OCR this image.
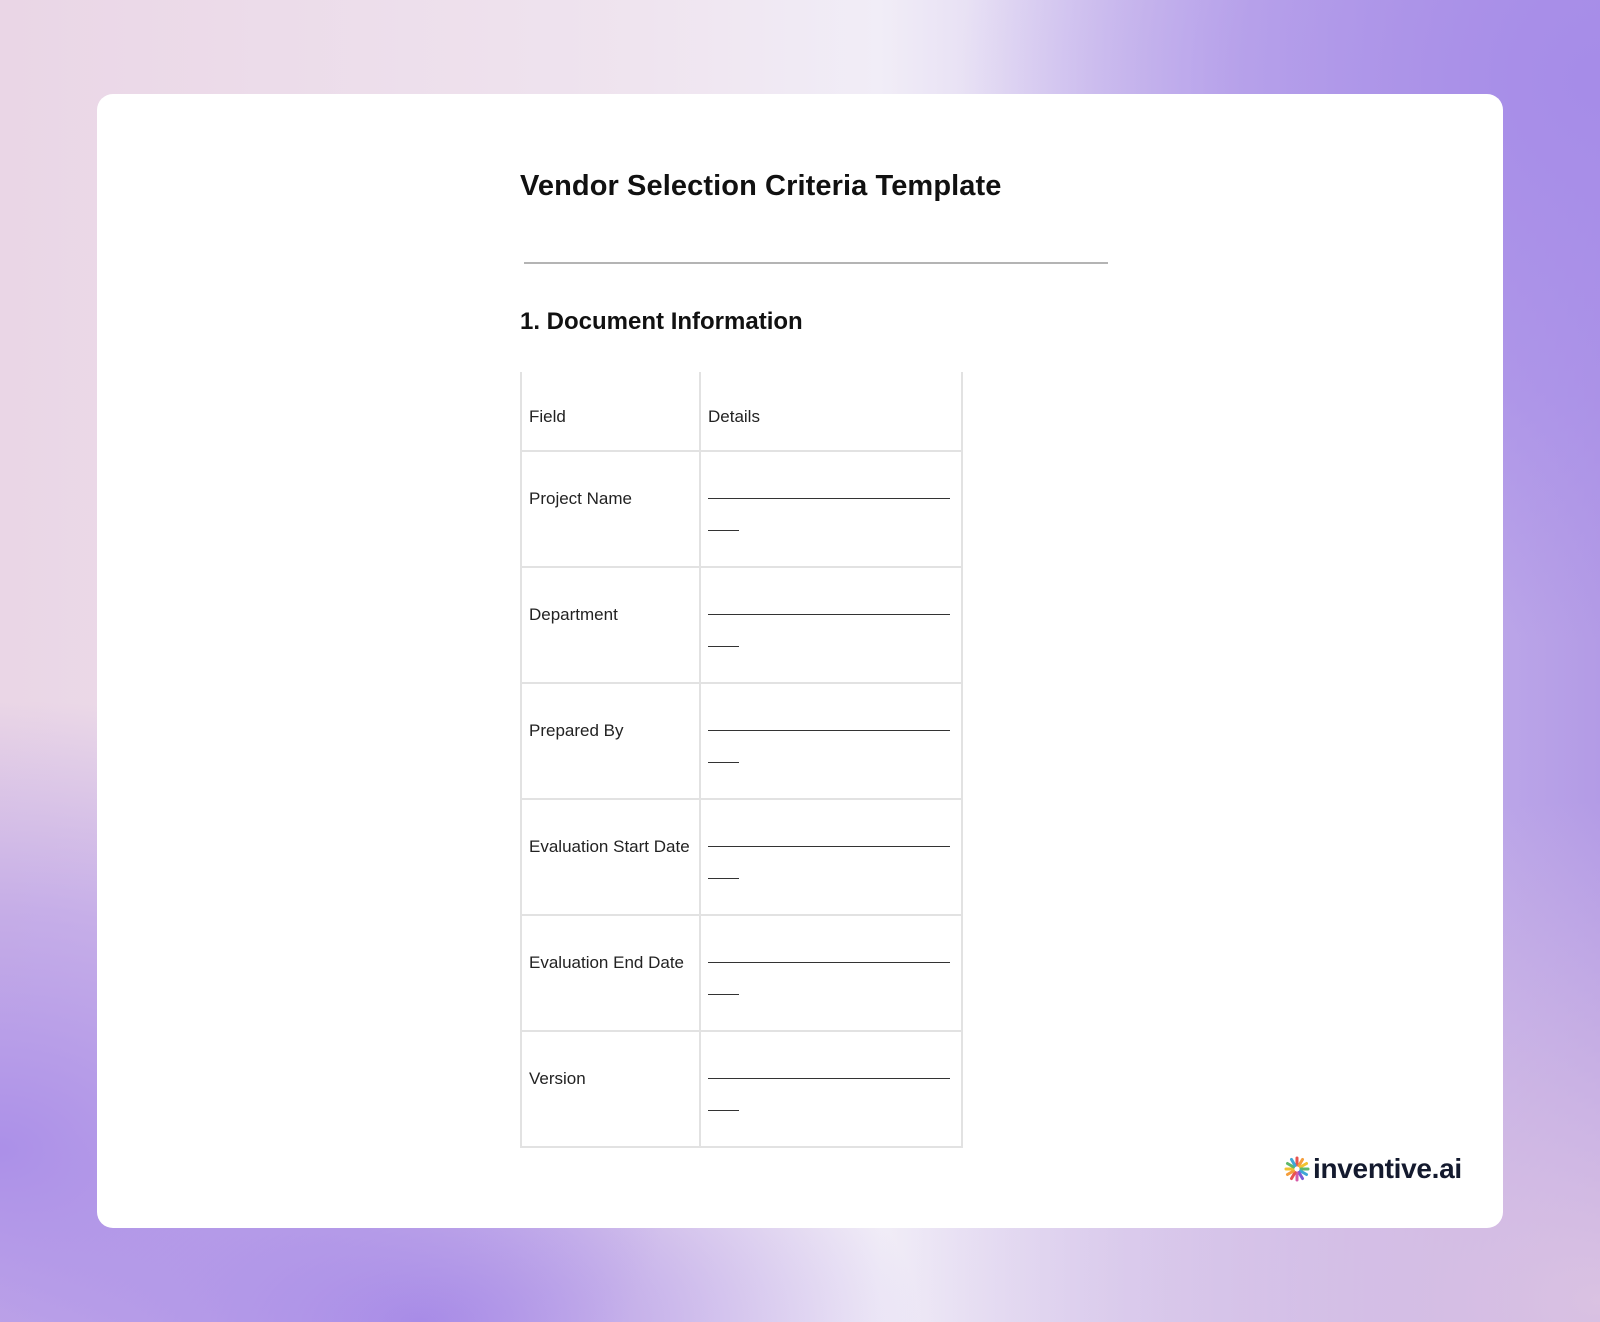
Vendor Selection Criteria Template
1. Document Information
Field	Details

Project Name	

Department	

Prepared By	

Evaluation Start Date	

Evaluation End Date	

Version	

inventive.ai
